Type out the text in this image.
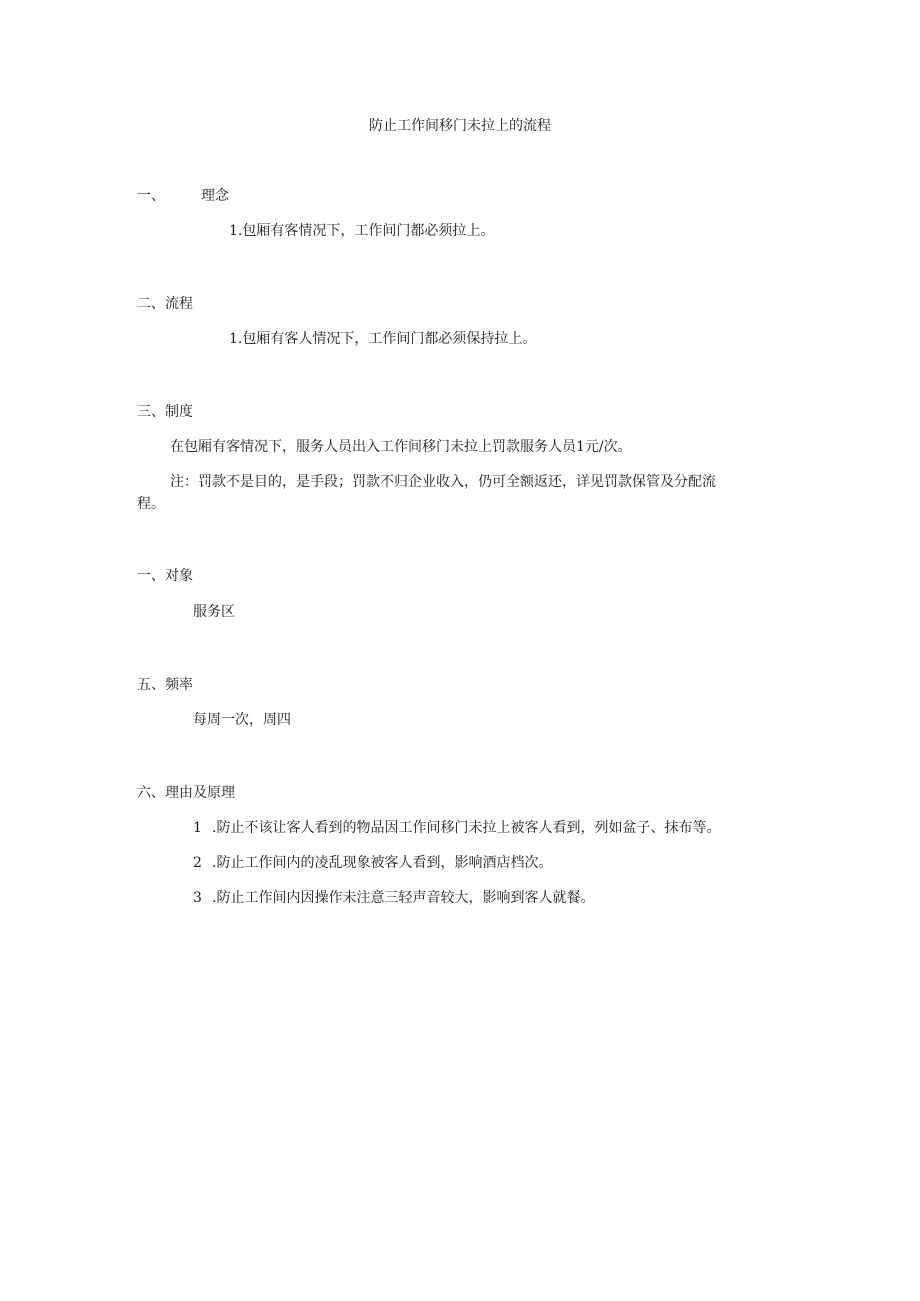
防止工作间移门未拉上的流程
一、	理念
1.包厢有客情况下，工作间门都必须拉上。
二、流程
1.包厢有客人情况下，工作间门都必须保持拉上。
三、制度
在包厢有客情况下，服务人员出入工作间移门未拉上罚款服务人员1元/次。
注：罚款不是目的，是手段；罚款不归企业收入，仍可全额返还，详见罚款保管及分配流
程。
一、对象
服务区
五、频率
每周一次，周四
六、理由及原理
1 .防止不该让客人看到的物品因工作间移门未拉上被客人看到，列如盆子、抹布等。
2 .防止工作间内的凌乱现象被客人看到，影响酒店档次。
3 .防止工作间内因操作未注意三轻声音较大，影响到客人就餐。
